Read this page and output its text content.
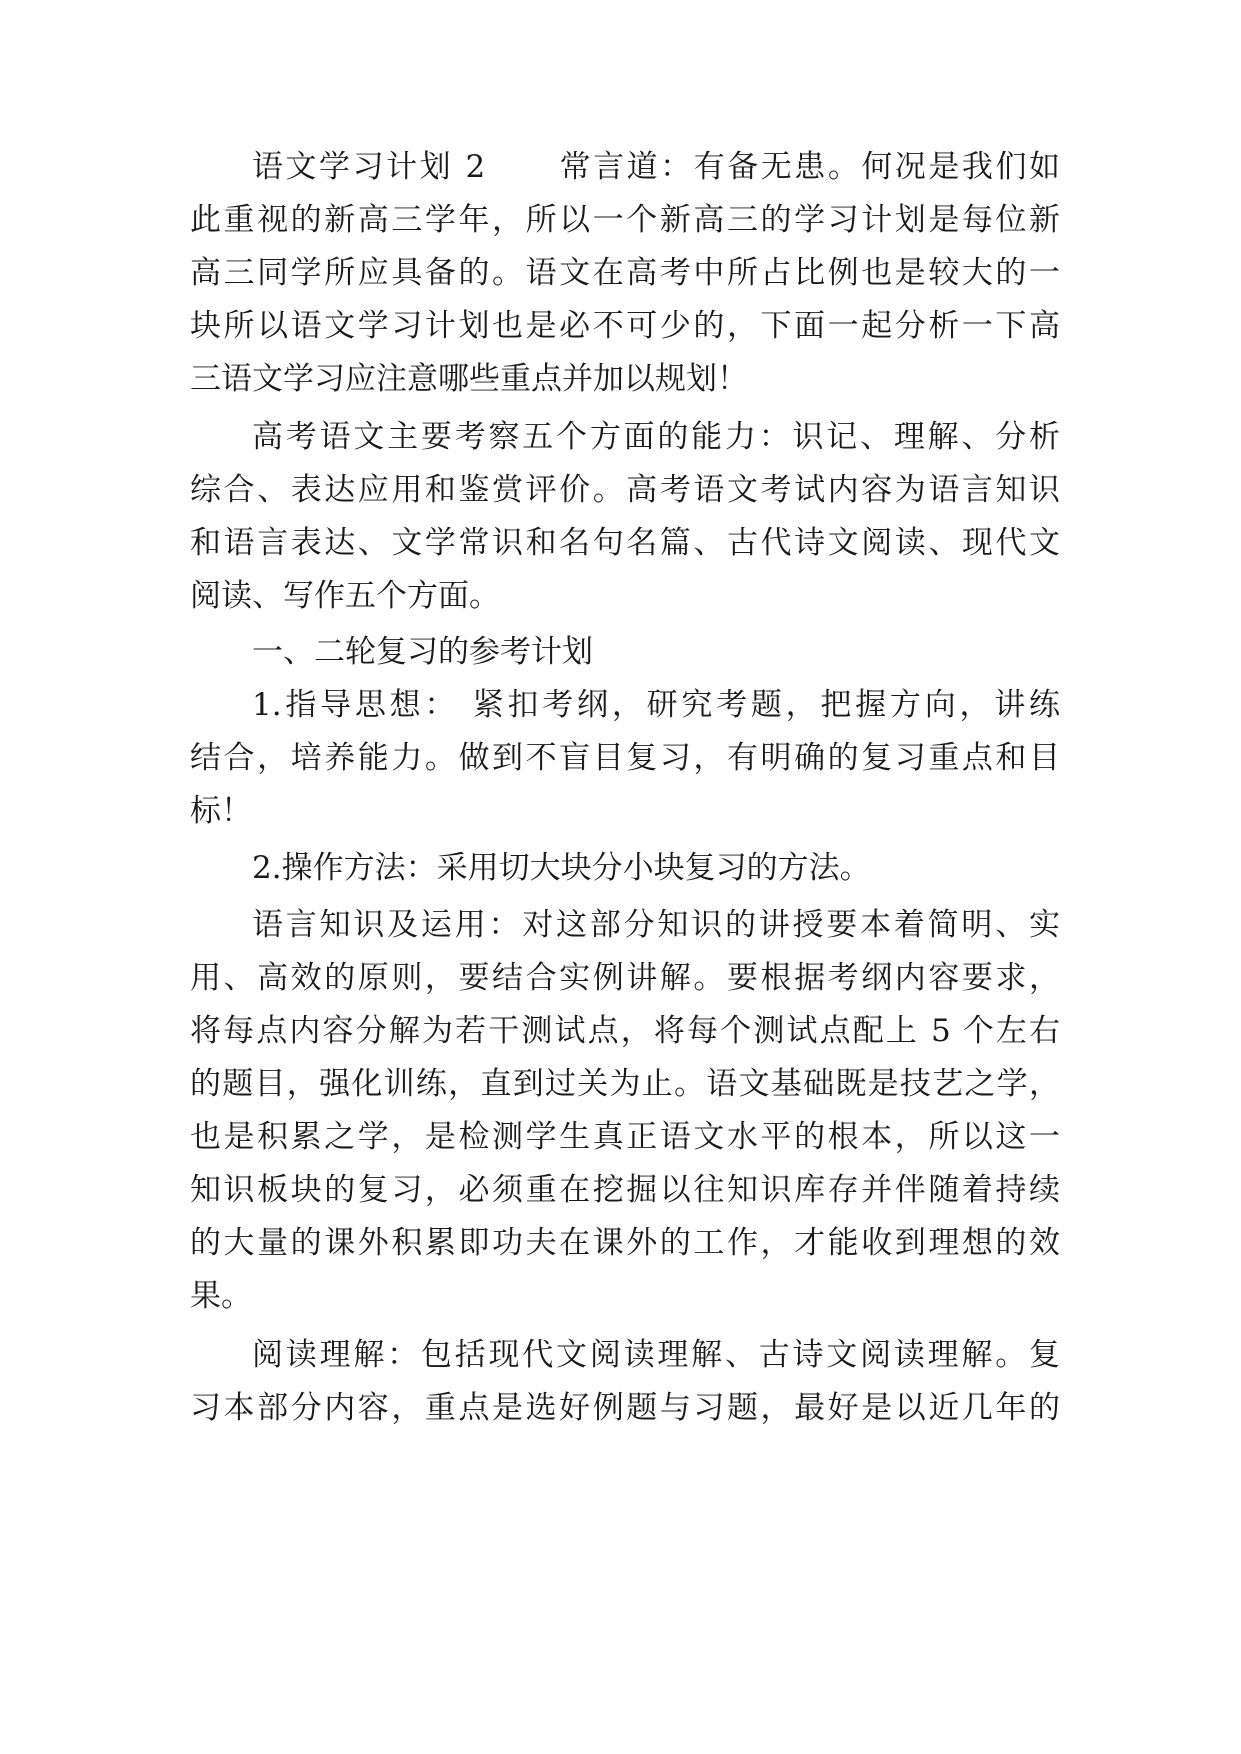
语文学习计划 2      常言道：有备无患。何况是我们如
此重视的新高三学年，所以一个新高三的学习计划是每位新
高三同学所应具备的。语文在高考中所占比例也是较大的一
块所以语文学习计划也是必不可少的，下面一起分析一下高
三语文学习应注意哪些重点并加以规划！
高考语文主要考察五个方面的能力：识记、理解、分析
综合、表达应用和鉴赏评价。高考语文考试内容为语言知识
和语言表达、文学常识和名句名篇、古代诗文阅读、现代文
阅读、写作五个方面。
一、二轮复习的参考计划
1.指导思想： 紧扣考纲，研究考题，把握方向，讲练
结合，培养能力。做到不盲目复习，有明确的复习重点和目
标！
2.操作方法：采用切大块分小块复习的方法。
语言知识及运用：对这部分知识的讲授要本着简明、实
用、高效的原则，要结合实例讲解。要根据考纲内容要求，
将每点内容分解为若干测试点，将每个测试点配上 5 个左右
的题目，强化训练，直到过关为止。语文基础既是技艺之学，
也是积累之学，是检测学生真正语文水平的根本，所以这一
知识板块的复习，必须重在挖掘以往知识库存并伴随着持续
的大量的课外积累即功夫在课外的工作，才能收到理想的效
果。
阅读理解：包括现代文阅读理解、古诗文阅读理解。复
习本部分内容，重点是选好例题与习题，最好是以近几年的
